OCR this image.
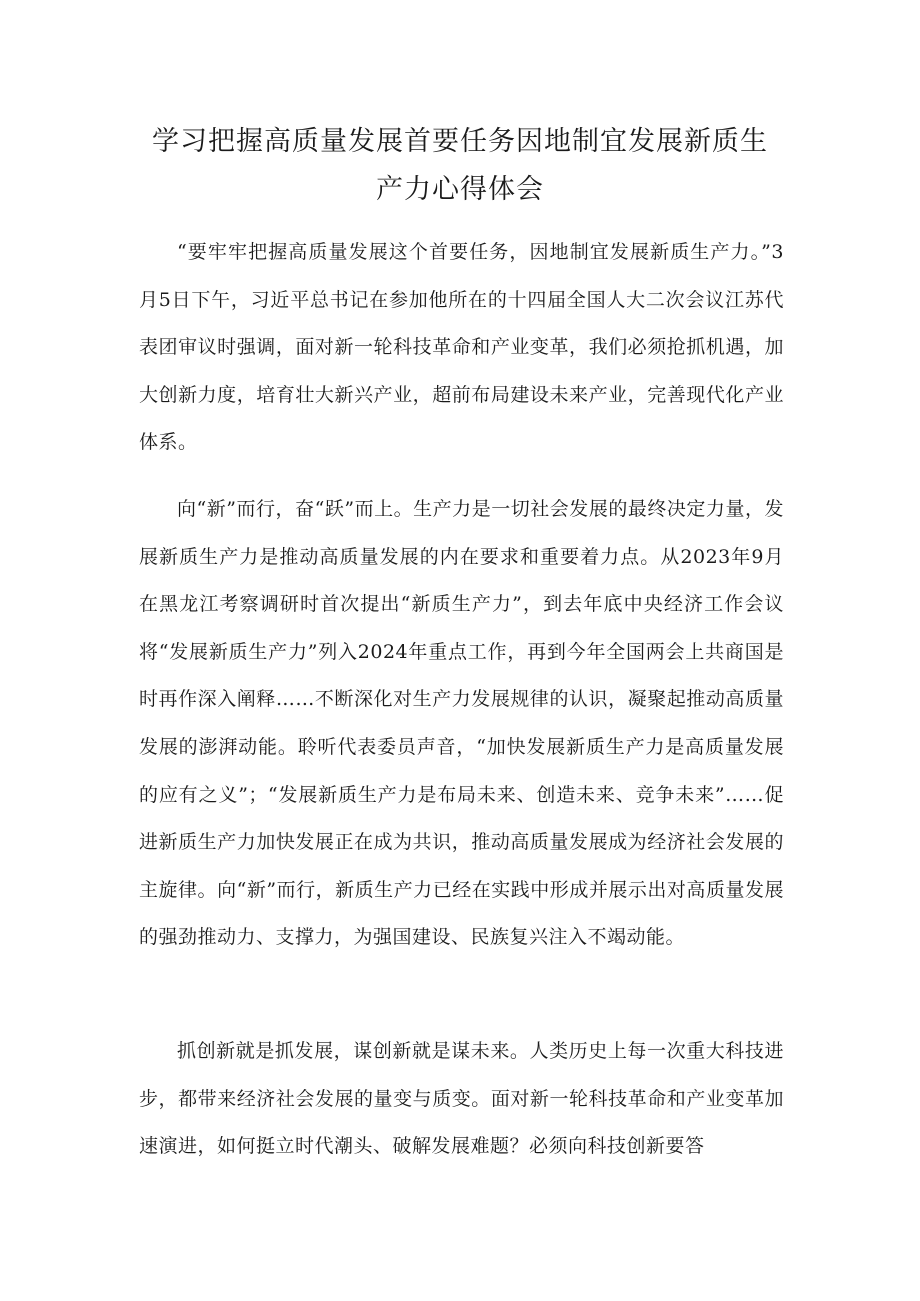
学习把握高质量发展首要任务因地制宜发展新质生
产力心得体会

“要牢牢把握高质量发展这个首要任务，因地制宜发展新质生产力。”3月5日下午，习近平总书记在参加他所在的十四届全国人大二次会议江苏代表团审议时强调，面对新一轮科技革命和产业变革，我们必须抢抓机遇，加大创新力度，培育壮大新兴产业，超前布局建设未来产业，完善现代化产业体系。

向“新”而行，奋“跃”而上。生产力是一切社会发展的最终决定力量，发展新质生产力是推动高质量发展的内在要求和重要着力点。从2023年9月在黑龙江考察调研时首次提出“新质生产力”，到去年底中央经济工作会议将“发展新质生产力”列入2024年重点工作，再到今年全国两会上共商国是时再作深入阐释……不断深化对生产力发展规律的认识，凝聚起推动高质量发展的澎湃动能。聆听代表委员声音，“加快发展新质生产力是高质量发展的应有之义”；“发展新质生产力是布局未来、创造未来、竞争未来”……促进新质生产力加快发展正在成为共识，推动高质量发展成为经济社会发展的主旋律。向“新”而行，新质生产力已经在实践中形成并展示出对高质量发展的强劲推动力、支撑力，为强国建设、民族复兴注入不竭动能。

抓创新就是抓发展，谋创新就是谋未来。人类历史上每一次重大科技进步，都带来经济社会发展的量变与质变。面对新一轮科技革命和产业变革加速演进，如何挺立时代潮头、破解发展难题？必须向科技创新要答
